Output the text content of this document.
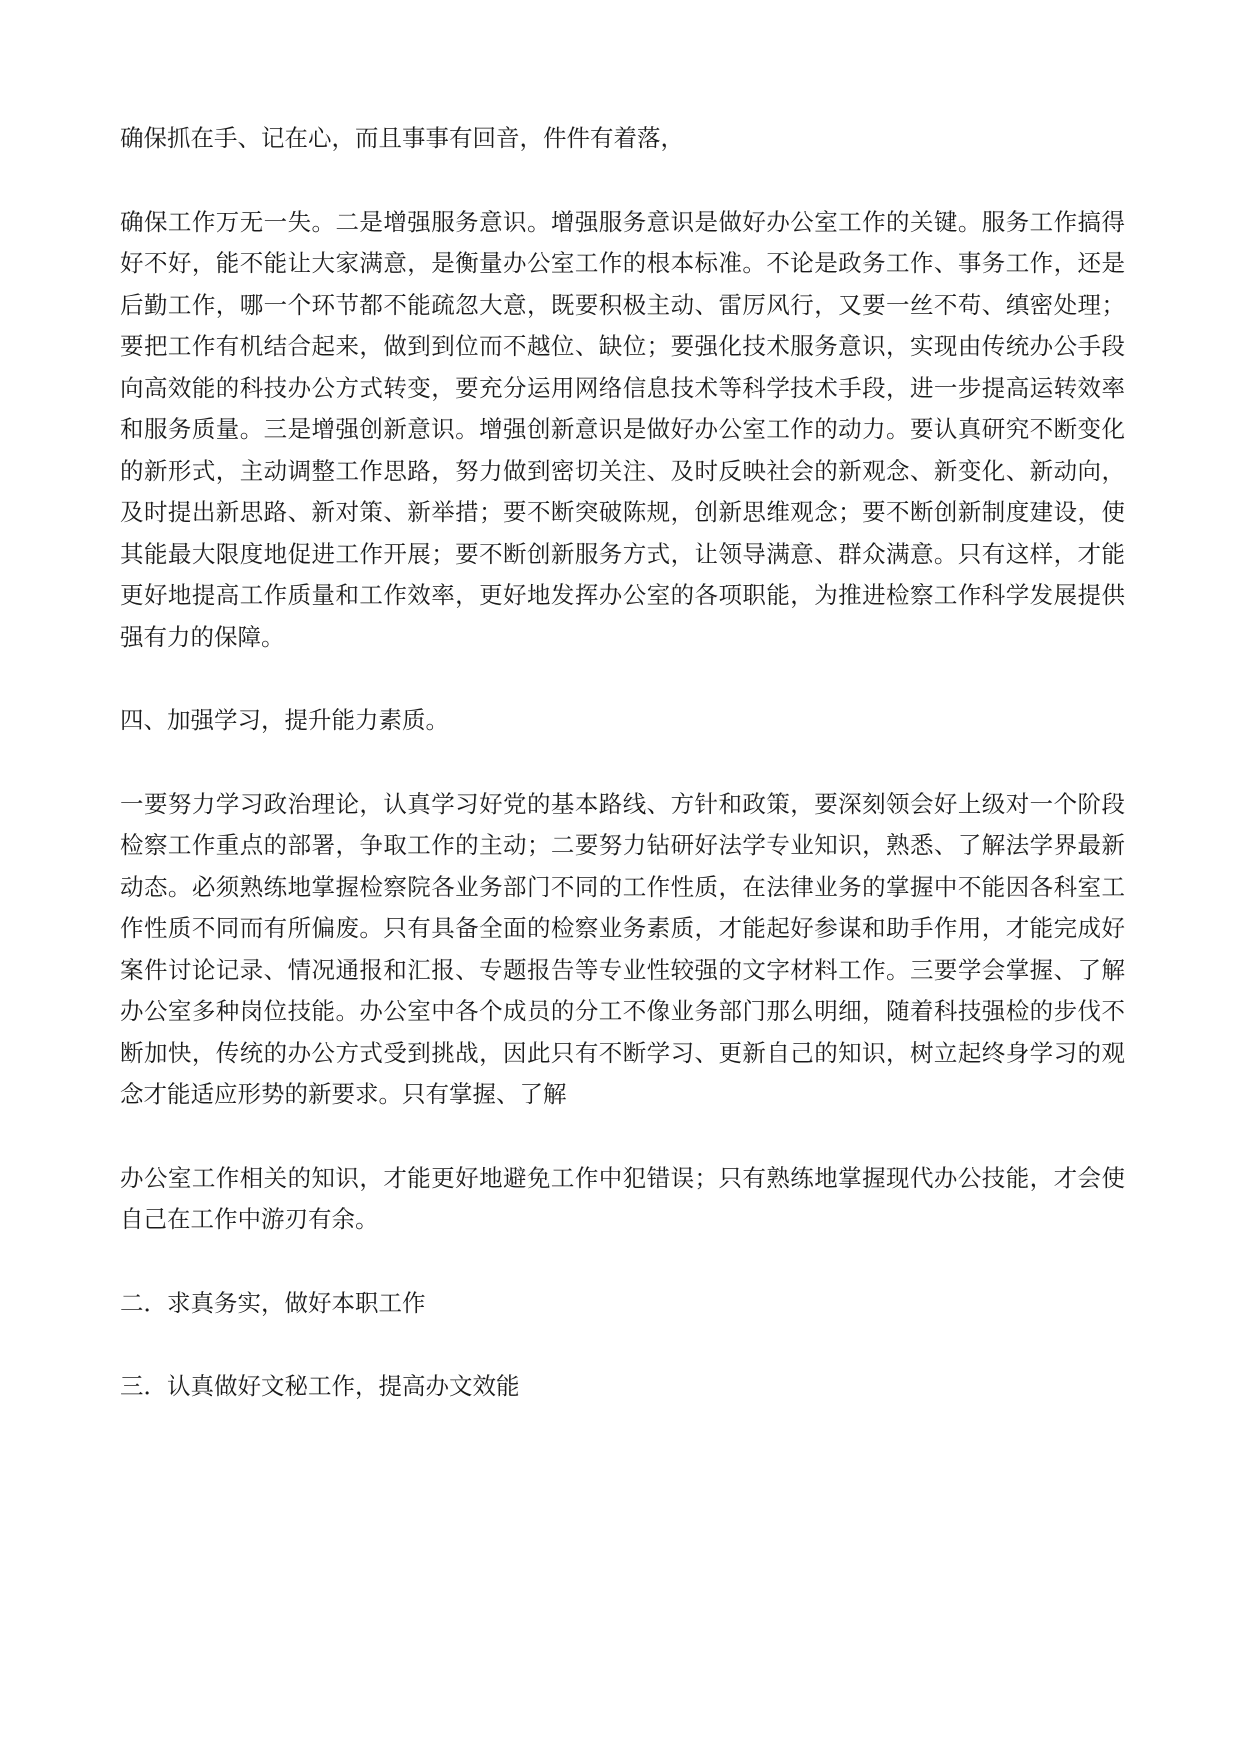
确保抓在手、记在心，而且事事有回音，件件有着落，

确保工作万无一失。二是增强服务意识。增强服务意识是做好办公室工作的关键。服务工作搞得好不好，能不能让大家满意，是衡量办公室工作的根本标准。不论是政务工作、事务工作，还是后勤工作，哪一个环节都不能疏忽大意，既要积极主动、雷厉风行，又要一丝不苟、缜密处理；要把工作有机结合起来，做到到位而不越位、缺位；要强化技术服务意识，实现由传统办公手段向高效能的科技办公方式转变，要充分运用网络信息技术等科学技术手段，进一步提高运转效率和服务质量。三是增强创新意识。增强创新意识是做好办公室工作的动力。要认真研究不断变化的新形式，主动调整工作思路，努力做到密切关注、及时反映社会的新观念、新变化、新动向，及时提出新思路、新对策、新举措；要不断突破陈规，创新思维观念；要不断创新制度建设，使其能最大限度地促进工作开展；要不断创新服务方式，让领导满意、群众满意。只有这样，才能更好地提高工作质量和工作效率，更好地发挥办公室的各项职能，为推进检察工作科学发展提供强有力的保障。

四、加强学习，提升能力素质。

一要努力学习政治理论，认真学习好党的基本路线、方针和政策，要深刻领会好上级对一个阶段检察工作重点的部署，争取工作的主动；二要努力钻研好法学专业知识，熟悉、了解法学界最新动态。必须熟练地掌握检察院各业务部门不同的工作性质，在法律业务的掌握中不能因各科室工作性质不同而有所偏废。只有具备全面的检察业务素质，才能起好参谋和助手作用，才能完成好案件讨论记录、情况通报和汇报、专题报告等专业性较强的文字材料工作。三要学会掌握、了解办公室多种岗位技能。办公室中各个成员的分工不像业务部门那么明细，随着科技强检的步伐不断加快，传统的办公方式受到挑战，因此只有不断学习、更新自己的知识，树立起终身学习的观念才能适应形势的新要求。只有掌握、了解

办公室工作相关的知识，才能更好地避免工作中犯错误；只有熟练地掌握现代办公技能，才会使自己在工作中游刃有余。

二．求真务实，做好本职工作

三．认真做好文秘工作，提高办文效能
